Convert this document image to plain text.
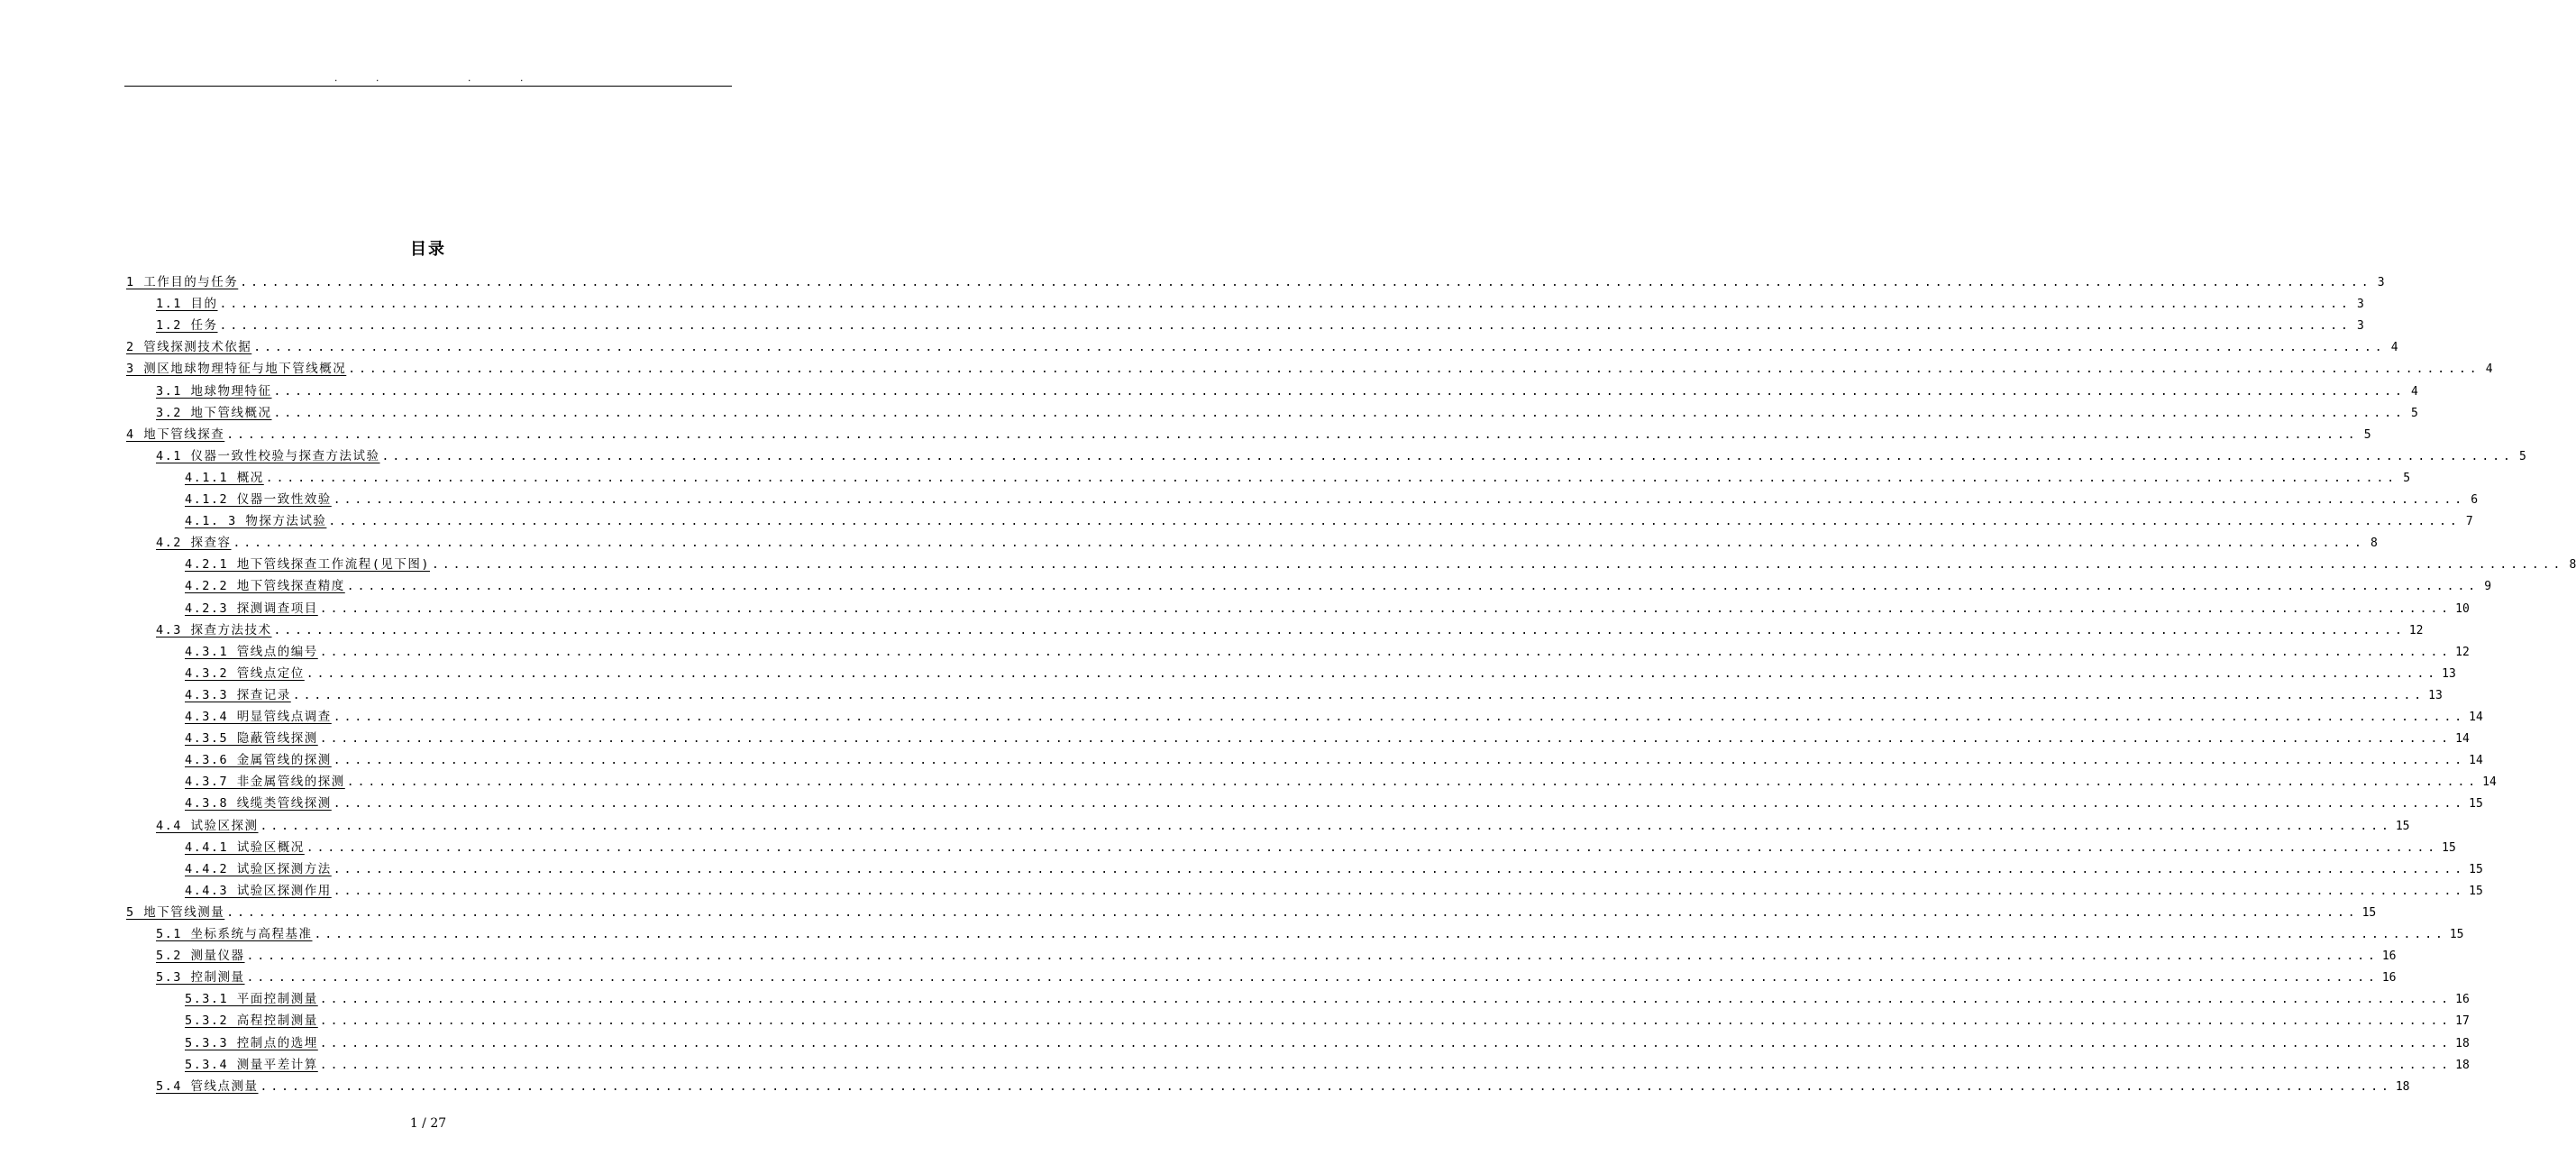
.	.	.	.
目录
1 工作目的与任务 ........................................................................................................................................................................................................ 3
1.1 目的 ........................................................................................................................................................................................................ 3
1.2 任务 ........................................................................................................................................................................................................ 3
2 管线探测技术依据 ........................................................................................................................................................................................................ 4
3 测区地球物理特征与地下管线概况 ........................................................................................................................................................................................................ 4
3.1 地球物理特征 ........................................................................................................................................................................................................ 4
3.2 地下管线概况 ........................................................................................................................................................................................................ 5
4 地下管线探查 ........................................................................................................................................................................................................ 5
4.1 仪器一致性校验与探查方法试验 ........................................................................................................................................................................................................ 5
4.1.1 概况 ........................................................................................................................................................................................................ 5
4.1.2 仪器一致性效验 ........................................................................................................................................................................................................ 6
4.1. 3 物探方法试验 ........................................................................................................................................................................................................ 7
4.2 探查容 ........................................................................................................................................................................................................ 8
4.2.1 地下管线探查工作流程(见下图) ........................................................................................................................................................................................................ 8
4.2.2 地下管线探查精度 ........................................................................................................................................................................................................ 9
4.2.3 探测调查项目 ........................................................................................................................................................................................................ 10
4.3 探查方法技术 ........................................................................................................................................................................................................ 12
4.3.1 管线点的编号 ........................................................................................................................................................................................................ 12
4.3.2 管线点定位 ........................................................................................................................................................................................................ 13
4.3.3 探查记录 ........................................................................................................................................................................................................ 13
4.3.4 明显管线点调查 ........................................................................................................................................................................................................ 14
4.3.5 隐蔽管线探测 ........................................................................................................................................................................................................ 14
4.3.6 金属管线的探测 ........................................................................................................................................................................................................ 14
4.3.7 非金属管线的探测 ........................................................................................................................................................................................................ 14
4.3.8 线缆类管线探测 ........................................................................................................................................................................................................ 15
4.4 试验区探测 ........................................................................................................................................................................................................ 15
4.4.1 试验区概况 ........................................................................................................................................................................................................ 15
4.4.2 试验区探测方法 ........................................................................................................................................................................................................ 15
4.4.3 试验区探测作用 ........................................................................................................................................................................................................ 15
5 地下管线测量 ........................................................................................................................................................................................................ 15
5.1 坐标系统与高程基准 ........................................................................................................................................................................................................ 15
5.2 测量仪器 ........................................................................................................................................................................................................ 16
5.3 控制测量 ........................................................................................................................................................................................................ 16
5.3.1 平面控制测量 ........................................................................................................................................................................................................ 16
5.3.2 高程控制测量 ........................................................................................................................................................................................................ 17
5.3.3 控制点的选埋 ........................................................................................................................................................................................................ 18
5.3.4 测量平差计算 ........................................................................................................................................................................................................ 18
5.4 管线点测量 ........................................................................................................................................................................................................ 18
1 / 27
